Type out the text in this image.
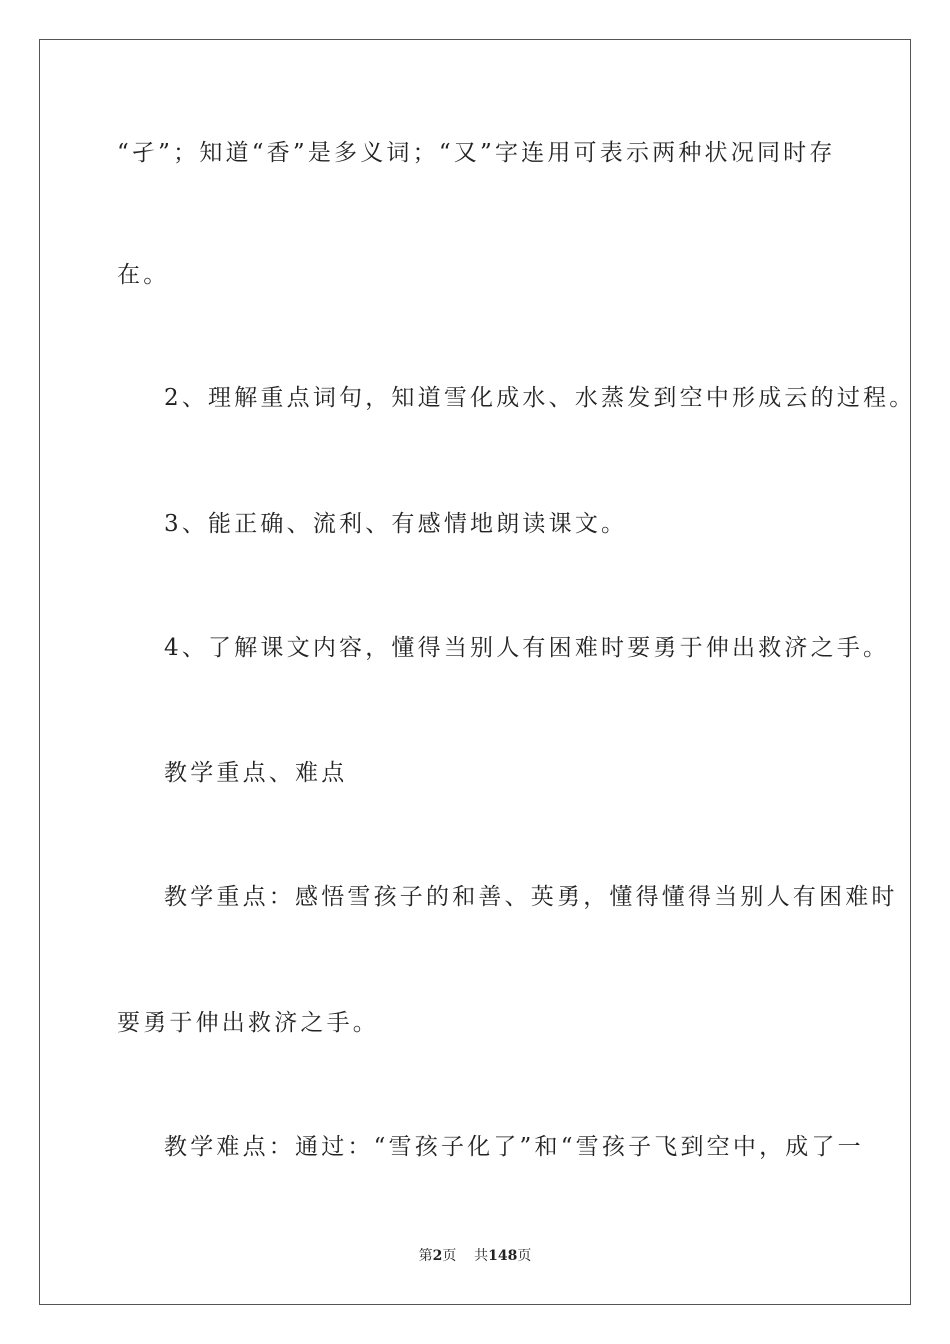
“孑”；知道“香”是多义词；“又”字连用可表示两种状况同时存
在。
2、理解重点词句，知道雪化成水、水蒸发到空中形成云的过程。
3、能正确、流利、有感情地朗读课文。
4、了解课文内容，懂得当别人有困难时要勇于伸出救济之手。
教学重点、难点
教学重点：感悟雪孩子的和善、英勇，懂得懂得当别人有困难时
要勇于伸出救济之手。
教学难点：通过：“雪孩子化了”和“雪孩子飞到空中，成了一
第2页 共148页
